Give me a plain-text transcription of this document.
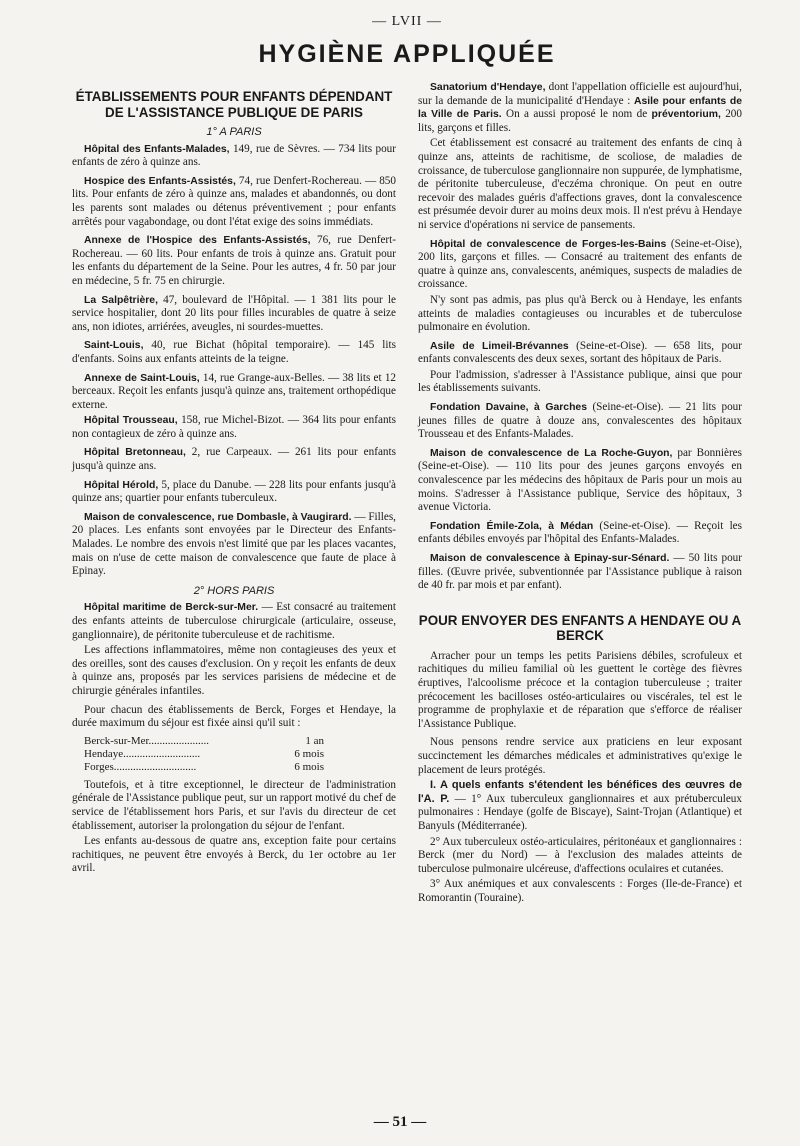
— LVII —
HYGIÈNE APPLIQUÉE
ÉTABLISSEMENTS POUR ENFANTS DÉPENDANT DE L'ASSISTANCE PUBLIQUE DE PARIS
1° A PARIS

Hôpital des Enfants-Malades, 149, rue de Sèvres. — 734 lits pour enfants de zéro à quinze ans.

Hospice des Enfants-Assistés, 74, rue Denfert-Rochereau. — 850 lits. Pour enfants de zéro à quinze ans, malades et abandonnés, ou dont les parents sont malades ou détenus préventivement ; pour enfants arrêtés pour vagabondage, ou dont l'état exige des soins immédiats.

Annexe de l'Hospice des Enfants-Assistés, 76, rue Denfert-Rochereau. — 60 lits. Pour enfants de trois à quinze ans. Gratuit pour les enfants du département de la Seine. Pour les autres, 4 fr. 50 par jour en médecine, 5 fr. 75 en chirurgie.

La Salpêtrière, 47, boulevard de l'Hôpital. — 1 381 lits pour le service hospitalier, dont 20 lits pour filles incurables de quatre à seize ans, non idiotes, arriérées, aveugles, ni sourdes-muettes.

Saint-Louis, 40, rue Bichat (hôpital temporaire). — 145 lits d'enfants. Soins aux enfants atteints de la teigne.

Annexe de Saint-Louis, 14, rue Grange-aux-Belles. — 38 lits et 12 berceaux. Reçoit les enfants jusqu'à quinze ans, traitement orthopédique externe.

Hôpital Trousseau, 158, rue Michel-Bizot. — 364 lits pour enfants non contagieux de zéro à quinze ans.

Hôpital Bretonneau, 2, rue Carpeaux. — 261 lits pour enfants jusqu'à quinze ans.

Hôpital Hérold, 5, place du Danube. — 228 lits pour enfants jusqu'à quinze ans; quartier pour enfants tuberculeux.

Maison de convalescence, rue Dombasle, à Vaugirard. — Filles, 20 places. Les enfants sont envoyées par le Directeur des Enfants-Malades. Le nombre des envois n'est limité que par les places vacantes, mais on n'use de cette maison de convalescence que faute de place à Epinay.

2° HORS PARIS

Hôpital maritime de Berck-sur-Mer. — Est consacré au traitement des enfants atteints de tuberculose chirurgicale (articulaire, osseuse, ganglionnaire), de péritonite tuberculeuse et de rachitisme.

Les affections inflammatoires, même non contagieuses des yeux et des oreilles, sont des causes d'exclusion. On y reçoit les enfants de deux à quinze ans, proposés par les services parisiens de médecine et de chirurgie générales infantiles.

Pour chacun des établissements de Berck, Forges et Hendaye, la durée maximum du séjour est fixée ainsi qu'il suit :

Berck-sur-Mer......................	1 an
Hendaye............................	6 mois
Forges..............................	6 mois

Toutefois, et à titre exceptionnel, le directeur de l'administration générale de l'Assistance publique peut, sur un rapport motivé du chef de service de l'établissement hors Paris, et sur l'avis du directeur de cet établissement, autoriser la prolongation du séjour de l'enfant.

Les enfants au-dessous de quatre ans, exception faite pour certains rachitiques, ne peuvent être envoyés à Berck, du 1er octobre au 1er avril.

Sanatorium d'Hendaye, dont l'appellation officielle est aujourd'hui, sur la demande de la municipalité d'Hendaye : Asile pour enfants de la Ville de Paris. On a aussi proposé le nom de préventorium, 200 lits, garçons et filles.

Cet établissement est consacré au traitement des enfants de cinq à quinze ans, atteints de rachitisme, de scoliose, de maladies de croissance, de tuberculose ganglionnaire non suppurée, de lymphatisme, de péritonite tuberculeuse, d'eczéma chronique. On peut en outre recevoir des malades guéris d'affections graves, dont la convalescence est présumée devoir durer au moins deux mois. Il n'est prévu à Hendaye ni service d'opérations ni service de pansements.

Hôpital de convalescence de Forges-les-Bains (Seine-et-Oise), 200 lits, garçons et filles. — Consacré au traitement des enfants de quatre à quinze ans, convalescents, anémiques, suspects de maladies de croissance.

N'y sont pas admis, pas plus qu'à Berck ou à Hendaye, les enfants atteints de maladies contagieuses ou incurables et de tuberculose pulmonaire en évolution.

Asile de Limeil-Brévannes (Seine-et-Oise). — 658 lits, pour enfants convalescents des deux sexes, sortant des hôpitaux de Paris.

Pour l'admission, s'adresser à l'Assistance publique, ainsi que pour les établissements suivants.

Fondation Davaine, à Garches (Seine-et-Oise). — 21 lits pour jeunes filles de quatre à douze ans, convalescentes des hôpitaux Trousseau et des Enfants-Malades.

Maison de convalescence de La Roche-Guyon, par Bonnières (Seine-et-Oise). — 110 lits pour des jeunes garçons envoyés en convalescence par les médecins des hôpitaux de Paris pour un mois au moins. S'adresser à l'Assistance publique, Service des hôpitaux, 3 avenue Victoria.

Fondation Émile-Zola, à Médan (Seine-et-Oise). — Reçoit les enfants débiles envoyés par l'hôpital des Enfants-Malades.

Maison de convalescence à Epinay-sur-Sénard. — 50 lits pour filles. (Œuvre privée, subventionnée par l'Assistance publique à raison de 40 fr. par mois et par enfant).

POUR ENVOYER DES ENFANTS A HENDAYE OU A BERCK

Arracher pour un temps les petits Parisiens débiles, scrofuleux et rachitiques du milieu familial où les guettent le cortège des fièvres éruptives, l'alcoolisme précoce et la contagion tuberculeuse ; traiter précocement les bacilloses ostéo-articulaires ou viscérales, tel est le programme de prophylaxie et de réparation que s'efforce de réaliser l'Assistance Publique.

Nous pensons rendre service aux praticiens en leur exposant succinctement les démarches médicales et administratives qu'exige le placement de leurs protégés.

I. A quels enfants s'étendent les bénéfices des œuvres de l'A. P. — 1° Aux tuberculeux ganglionnaires et aux prétuberculeux pulmonaires : Hendaye (golfe de Biscaye), Saint-Trojan (Atlantique) et Banyuls (Méditerranée).

2° Aux tuberculeux ostéo-articulaires, péritonéaux et ganglionnaires : Berck (mer du Nord) — à l'exclusion des malades atteints de tuberculose pulmonaire ulcéreuse, d'affections oculaires et cutanées.

3° Aux anémiques et aux convalescents : Forges (Ile-de-France) et Romorantin (Touraine).

— 51 —
